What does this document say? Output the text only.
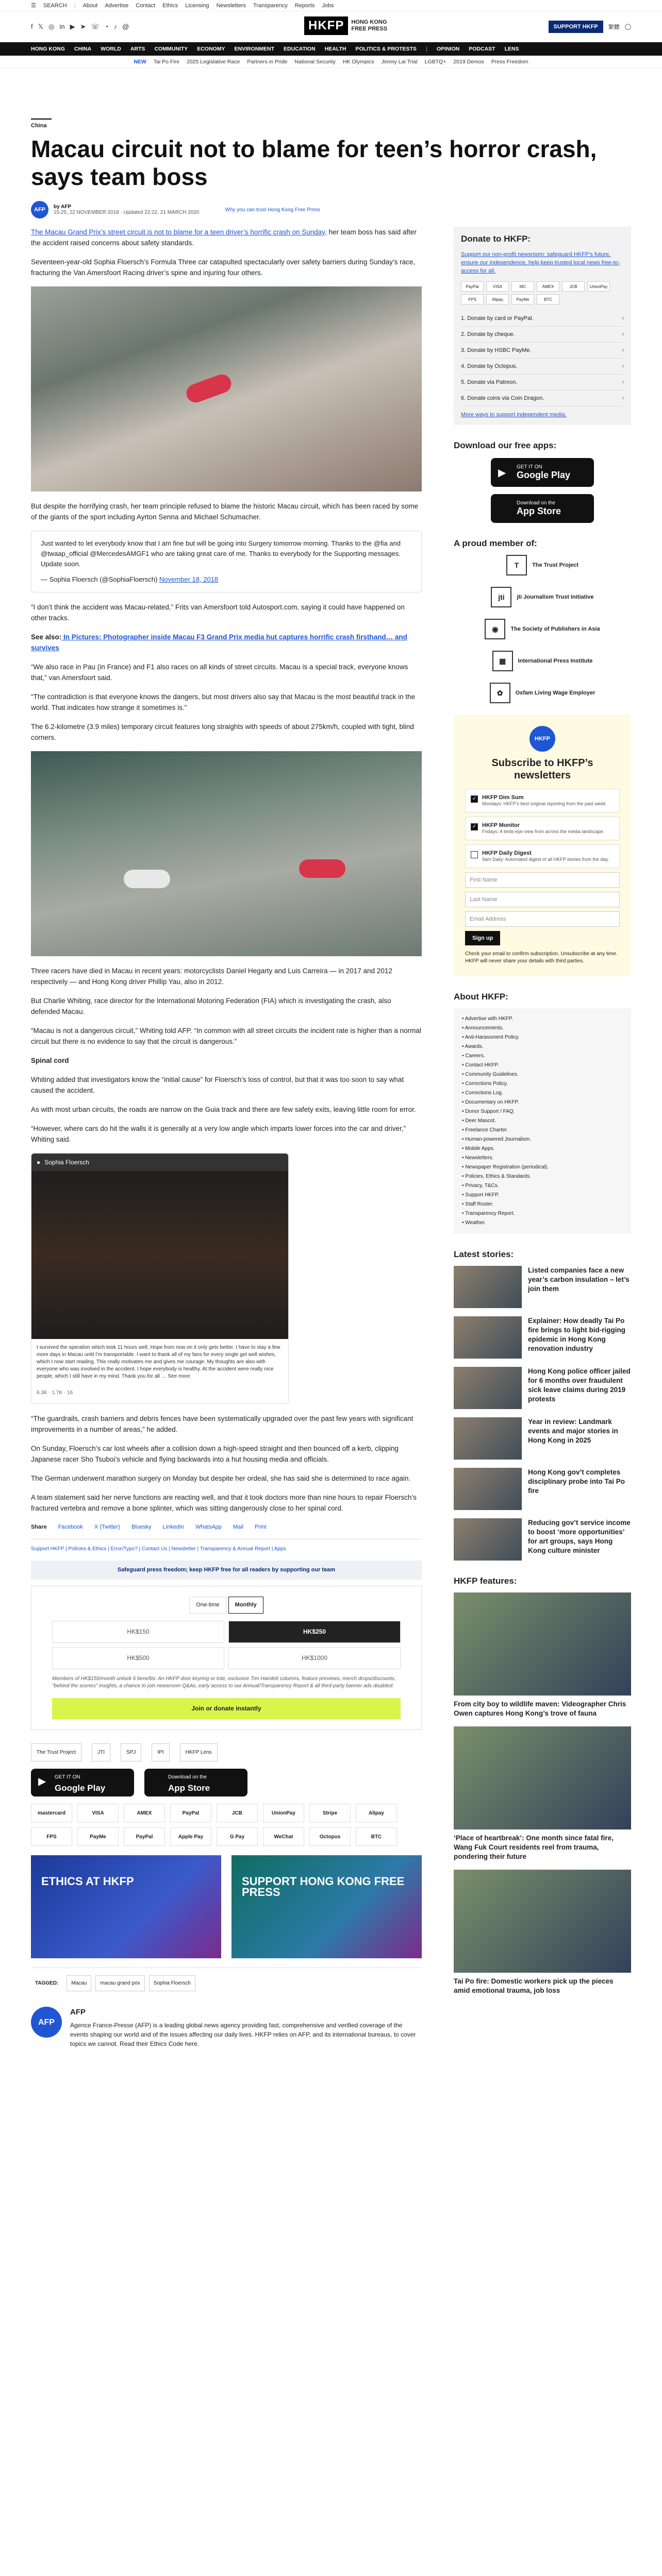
☰ SEARCH | About Advertise Contact Ethics Licensing Newsletters Transparency Reports Jobs
f 𝕏 ◎ in ▶ ➤ ☏ ◔ ♪ @	HKFP	HONG KONG
FREE PRESS	SUPPORT HKFP	繁體 ◯
HONG KONG CHINA WORLD ARTS COMMUNITY ECONOMY ENVIRONMENT EDUCATION HEALTH POLITICS & PROTESTS | OPINION PODCAST LENS
NEW Tai Po Fire 2025 Legislative Race Partners in Pride National Security HK Olympics Jimmy Lai Trial LGBTQ+ 2019 Demos Press Freedom
China
Macau circuit not to blame for teen’s horror crash, says team boss
AFP	by AFP
15:25, 22 NOVEMBER 2018 · Updated 22:22, 21 MARCH 2020	Why you can trust Hong Kong Free Press

The Macau Grand Prix’s street circuit is not to blame for a teen driver’s horrific crash on Sunday, her team boss has said after the accident raised concerns about safety standards.

Seventeen-year-old Sophia Floersch’s Formula Three car catapulted spectacularly over safety barriers during Sunday’s race, fracturing the Van Amersfoort Racing driver’s spine and injuring four others.

But despite the horrifying crash, her team principle refused to blame the historic Macau circuit, which has been raced by some of the giants of the sport including Ayrton Senna and Michael Schumacher.

Just wanted to let everybody know that I am fine but will be going into Surgery tomorrow morning. Thanks to the @fia and @twaap_official @MercedesAMGF1 who are taking great care of me. Thanks to everybody for the Supporting messages. Update soon.

— Sophia Floersch (@SophiaFloersch) November 18, 2018

“I don’t think the accident was Macau-related,” Frits van Amersfoort told Autosport.com, saying it could have happened on other tracks.

See also: In Pictures: Photographer inside Macau F3 Grand Prix media hut captures horrific crash firsthand… and survives

“We also race in Pau (in France) and F1 also races on all kinds of street circuits. Macau is a special track, everyone knows that,” van Amersfoort said.

“The contradiction is that everyone knows the dangers, but most drivers also say that Macau is the most beautiful track in the world. That indicates how strange it sometimes is.”

The 6.2-kilometre (3.9 miles) temporary circuit features long straights with speeds of about 275km/h, coupled with tight, blind corners.

Three racers have died in Macau in recent years: motorcyclists Daniel Hegarty and Luis Carreira — in 2017 and 2012 respectively — and Hong Kong driver Phillip Yau, also in 2012.

But Charlie Whiting, race director for the International Motoring Federation (FIA) which is investigating the crash, also defended Macau.

“Macau is not a dangerous circuit,” Whiting told AFP. “In common with all street circuits the incident rate is higher than a normal circuit but there is no evidence to say that the circuit is dangerous.”

Spinal cord

Whiting added that investigators know the “initial cause” for Floersch’s loss of control, but that it was too soon to say what caused the accident.

As with most urban circuits, the roads are narrow on the Guia track and there are few safety exits, leaving little room for error.

“However, where cars do hit the walls it is generally at a very low angle which imparts lower forces into the car and driver,” Whiting said.

● Sophia Floersch
I survived the operation which took 11 hours well. Hope from now on it only gets better. I have to stay a few more days in Macau until I’m transportable. I want to thank all of my fans for every single get well wishes, which I now start reading. This really motivates me and gives me courage. My thoughts are also with everyone who was involved in the accident. I hope everybody is healthy. At the accident were really nice people, which I still have in my mind. Thank you for all … See more
6.3K · 1.7K · 16

“The guardrails, crash barriers and debris fences have been systematically upgraded over the past few years with significant improvements in a number of areas,” he added.

On Sunday, Floersch’s car lost wheels after a collision down a high-speed straight and then bounced off a kerb, clipping Japanese racer Sho Tsuboi’s vehicle and flying backwards into a hut housing media and officials.

The German underwent marathon surgery on Monday but despite her ordeal, she has said she is determined to race again.

A team statement said her nerve functions are reacting well, and that it took doctors more than nine hours to repair Floersch’s fractured vertebra and remove a bone splinter, which was sitting dangerously close to her spinal cord.

Share Facebook X (Twitter) Bluesky LinkedIn WhatsApp Mail Print
Support HKFP | Policies & Ethics | Error/Typo? | Contact Us | Newsletter | Transparency & Annual Report | Apps
Safeguard press freedom; keep HKFP free for all readers by supporting our team
One-time	Monthly
HK$150	HK$250
HK$500	HK$1000

Members of HK$150/month unlock 6 benefits: An HKFP door keyring or tote, exclusive Tim Hamlett columns, feature previews, merch drops/discounts, "behind the scenes" insights, a chance to join newsroom Q&As, early access to our Annual/Transparency Report & all third-party banner ads disabled.

Join or donate instantly
The Trust Project	JTI	SPJ	IPI	HKFP Lens
▶ GET IT ON
Google Play
Download on the
App Store
mastercard	VISA	AMEX	PayPal	JCB	UnionPay	Stripe	Alipay
FPS	PayMe	PayPal	Apple Pay	G Pay	WeChat	Octopus	BTC
ETHICS AT HKFP	SUPPORT HONG KONG FREE PRESS
TAGGED:	Macau	macau grand prix	Sophia Floersch
AFP
AFP
Agence France-Presse (AFP) is a leading global news agency providing fast, comprehensive and verified coverage of the events shaping our world and of the issues affecting our daily lives. HKFP relies on AFP, and its international bureaus, to cover topics we cannot. Read their Ethics Code here.
Donate to HKFP:

Support our non-profit newsroom: safeguard HKFP’s future, ensure our independence, help keep trusted local news free-to-access for all.

PayPal	VISA	MC	AMEX	JCB	UnionPay
FPS	Alipay	PayMe	BTC
1. Donate by card or PayPal.	›
2. Donate by cheque.	›
3. Donate by HSBC PayMe.	›
4. Donate by Octopus.	›
5. Donate via Patreon.	›
6. Donate coins via Coin Dragon.	›

More ways to support independent media.

Download our free apps:
▶
GET IT ON
Google Play
Download on the
App Store
A proud member of:
T	The Trust Project
jti	jti Journalism Trust Initiative
◉	The Society of Publishers in Asia
▦	International Press Institute
✿	Oxfam Living Wage Employer
HKFP
Subscribe to HKFP’s newsletters
✓ HKFP Dim Sum
Mondays: HKFP’s best original reporting from the past week.
✓ HKFP Monitor
Fridays: A birds-eye view from across the media landscape.
HKFP Daily Digest
9am Daily: Automated digest of all HKFP stories from the day.
First Name
Last Name
Email Address
Sign up

Check your email to confirm subscription. Unsubscribe at any time. HKFP will never share your details with third parties.

About HKFP:
• Advertise with HKFP.
• Announcements.
• Anti-Harassment Policy.
• Awards.
• Careers.
• Contact HKFP.
• Community Guidelines.
• Corrections Policy.
• Corrections Log.
• Documentary on HKFP.
• Donor Support / FAQ.
• Deer Mascot.
• Freelance Charter.
• Human-powered Journalism.
• Mobile Apps.
• Newsletters.
• Newspaper Registration (periodical).
• Policies, Ethics & Standards.
• Privacy, T&Cs.
• Support HKFP.
• Staff Roster.
• Transparency Report.
• Weather.
Latest stories:
Listed companies face a new year’s carbon insulation – let’s join them
Explainer: How deadly Tai Po fire brings to light bid-rigging epidemic in Hong Kong renovation industry
Hong Kong police officer jailed for 6 months over fraudulent sick leave claims during 2019 protests
Year in review: Landmark events and major stories in Hong Kong in 2025
Hong Kong gov’t completes disciplinary probe into Tai Po fire
Reducing gov’t service income to boost ‘more opportunities’ for art groups, says Hong Kong culture minister
HKFP features:
From city boy to wildlife maven: Videographer Chris Owen captures Hong Kong’s trove of fauna
‘Place of heartbreak’: One month since fatal fire, Wang Fuk Court residents reel from trauma, pondering their future
Tai Po fire: Domestic workers pick up the pieces amid emotional trauma, job loss
